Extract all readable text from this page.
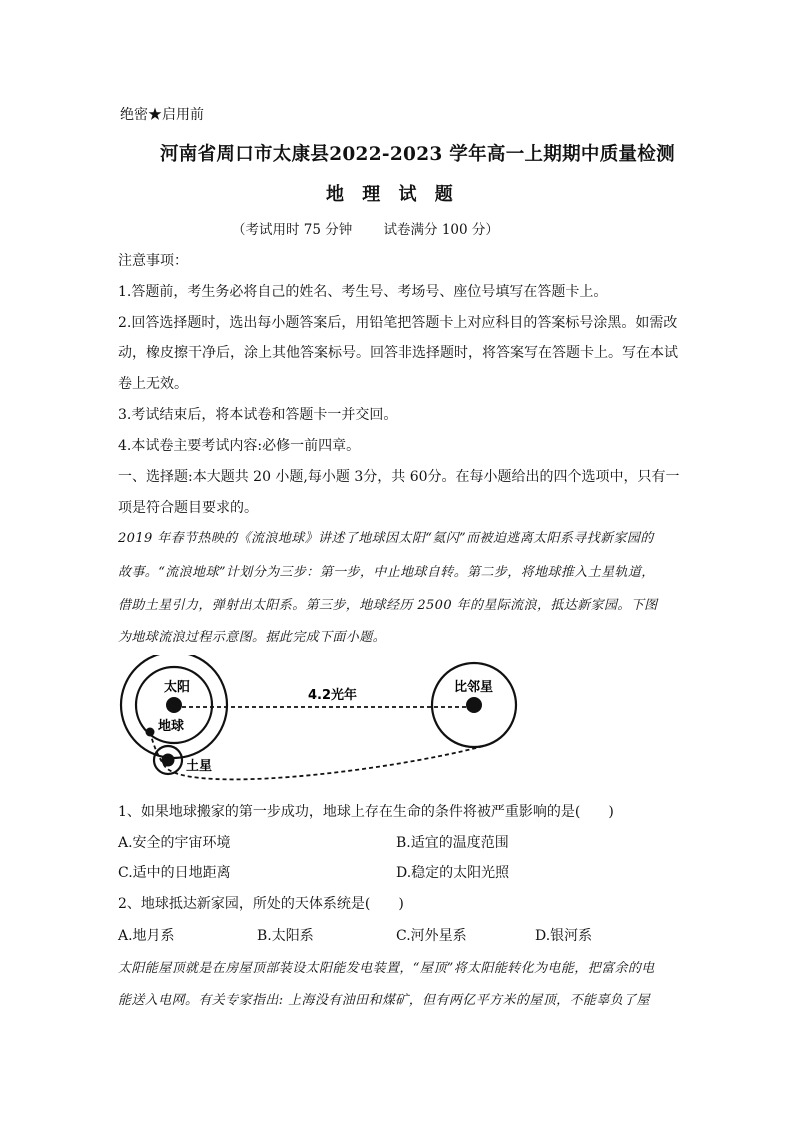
绝密★启用前
河南省周口市太康县2022-2023 学年高一上期期中质量检测
地 理 试 题
（考试用时 75 分钟　　 试卷满分 100 分）
注意事项：
1.答题前，考生务必将自己的姓名、考生号、考场号、座位号填写在答题卡上。
2.回答选择题时，选出每小题答案后，用铅笔把答题卡上对应科目的答案标号涂黑。如需改
动，橡皮擦干净后，涂上其他答案标号。回答非选择题时，将答案写在答题卡上。写在本试
卷上无效。
3.考试结束后，将本试卷和答题卡一并交回。
4.本试卷主要考试内容:必修一前四章。
一、选择题:本大题共 20 小题,每小题 3分，共 60分。在每小题给出的四个选项中，只有一
项是符合题目要求的。
2019 年春节热映的《流浪地球》讲述了地球因太阳“氦闪”而被迫逃离太阳系寻找新家园的
故事。“流浪地球”计划分为三步：第一步，中止地球自转。第二步，将地球推入土星轨道，
借助土星引力，弹射出太阳系。第三步，地球经历 2500 年的星际流浪，抵达新家园。下图
为地球流浪过程示意图。据此完成下面小题。
太阳
地球
土星
比邻星
4.2光年
1、如果地球搬家的第一步成功，地球上存在生命的条件将被严重影响的是(　　)
A.安全的宇宙环境	B.适宜的温度范围
C.适中的日地距离	D.稳定的太阳光照
2、地球抵达新家园，所处的天体系统是(　　)
A.地月系	B.太阳系	C.河外星系	D.银河系
太阳能屋顶就是在房屋顶部装设太阳能发电装置，“屋顶”将太阳能转化为电能，把富余的电
能送入电网。有关专家指出: 上海没有油田和煤矿，但有两亿平方米的屋顶，不能辜负了屋
